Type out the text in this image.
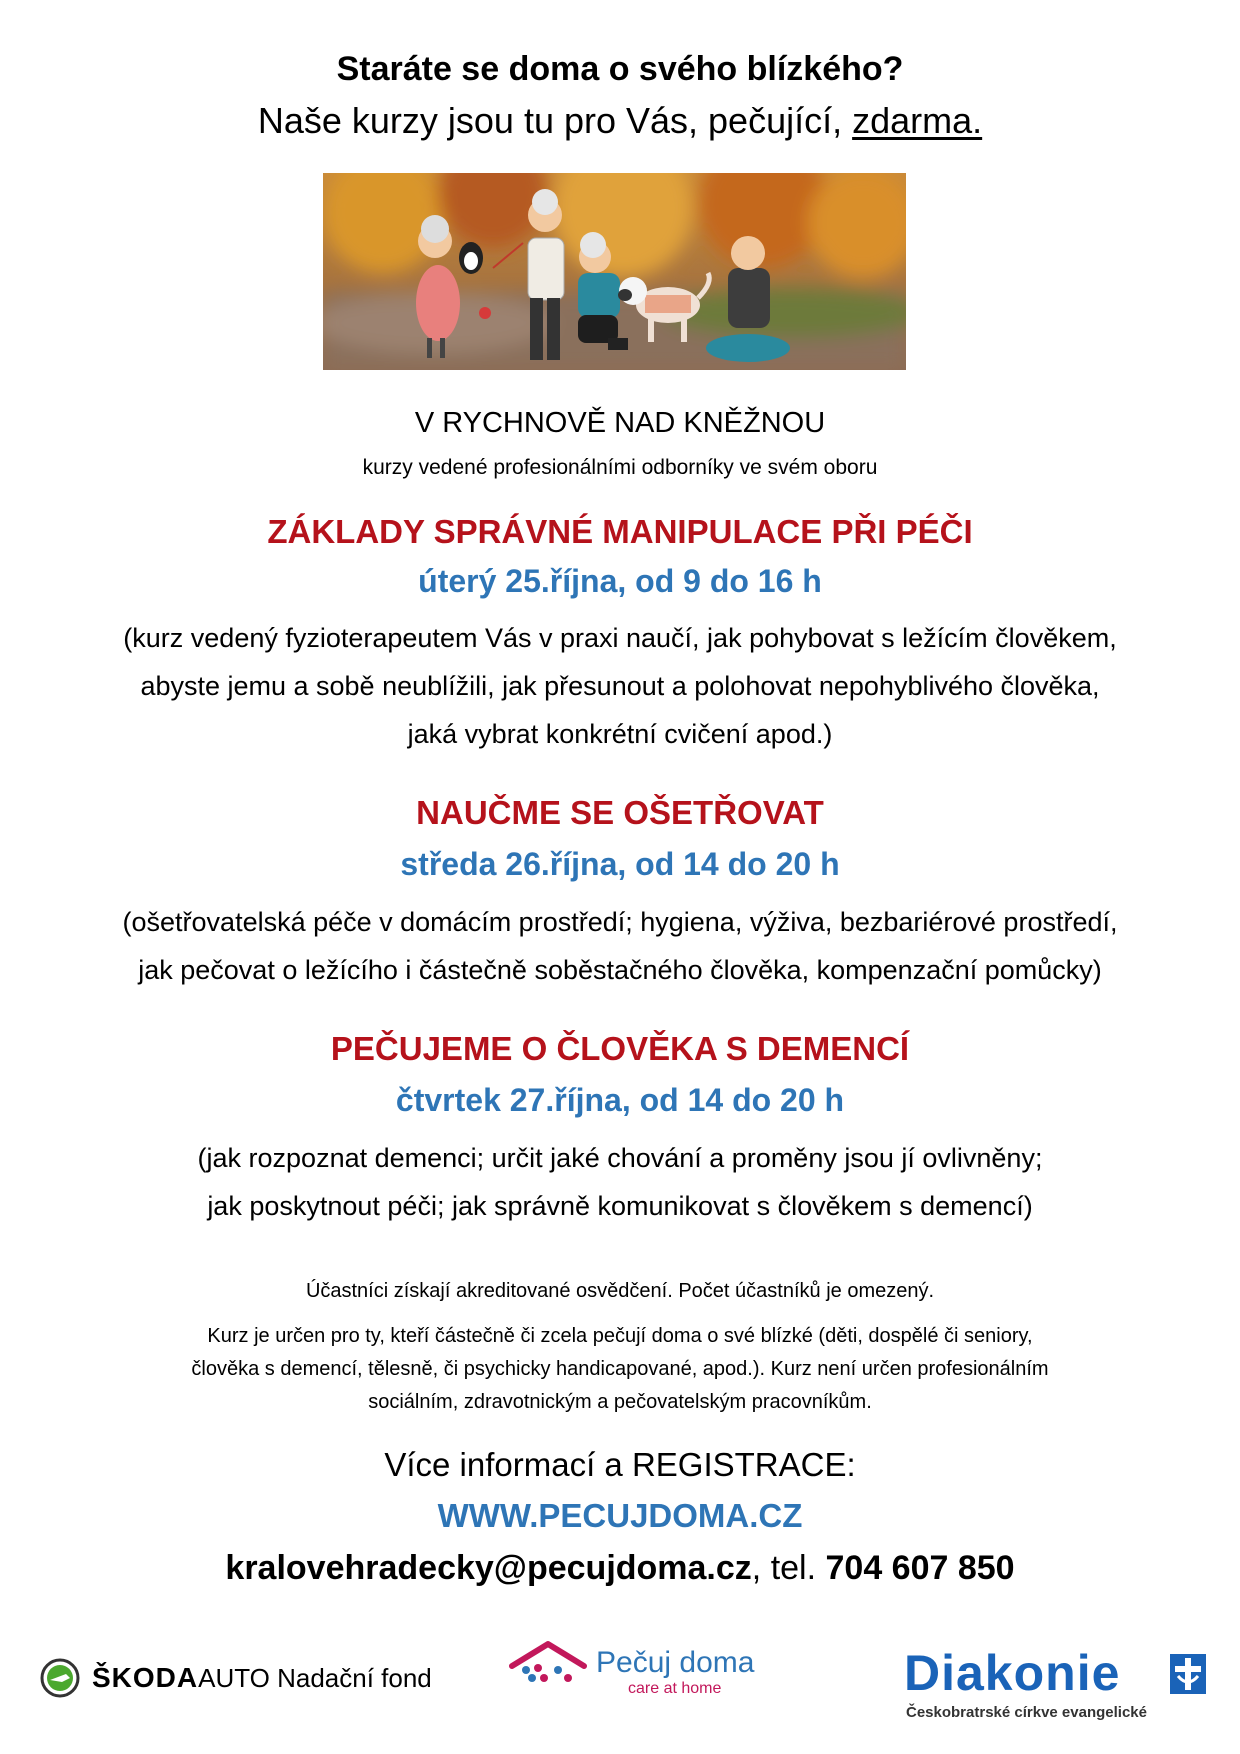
Staráte se doma o svého blízkého?
Naše kurzy jsou tu pro Vás, pečující, zdarma.
V RYCHNOVĚ NAD KNĚŽNOU
kurzy vedené profesionálními odborníky ve svém oboru
ZÁKLADY SPRÁVNÉ MANIPULACE PŘI PÉČI
úterý 25.října, od 9 do 16 h
(kurz vedený fyzioterapeutem Vás v praxi naučí, jak pohybovat s ležícím člověkem,
abyste jemu a sobě neublížili, jak přesunout a polohovat nepohyblivého člověka,
jaká vybrat konkrétní cvičení apod.)
NAUČME SE OŠETŘOVAT
středa 26.října, od 14 do 20 h
(ošetřovatelská péče v domácím prostředí; hygiena, výživa, bezbariérové prostředí,
jak pečovat o ležícího i částečně soběstačného člověka, kompenzační pomůcky)
PEČUJEME O ČLOVĚKA S DEMENCÍ
čtvrtek 27.října, od 14 do 20 h
(jak rozpoznat demenci; určit jaké chování a proměny jsou jí ovlivněny;
jak poskytnout péči; jak správně komunikovat s člověkem s demencí)
Účastníci získají akreditované osvědčení. Počet účastníků je omezený.
Kurz je určen pro ty, kteří částečně či zcela pečují doma o své blízké (děti, dospělé či seniory,
člověka s demencí, tělesně, či psychicky handicapované, apod.). Kurz není určen profesionálním
sociálním, zdravotnickým a pečovatelským pracovníkům.
Více informací a REGISTRACE:
WWW.PECUJDOMA.CZ
kralovehradecky@pecujdoma.cz, tel. 704 607 850
ŠKODA AUTO Nadační fond	Pečuj doma
care at home	Diakonie
Českobratrské církve evangelické
